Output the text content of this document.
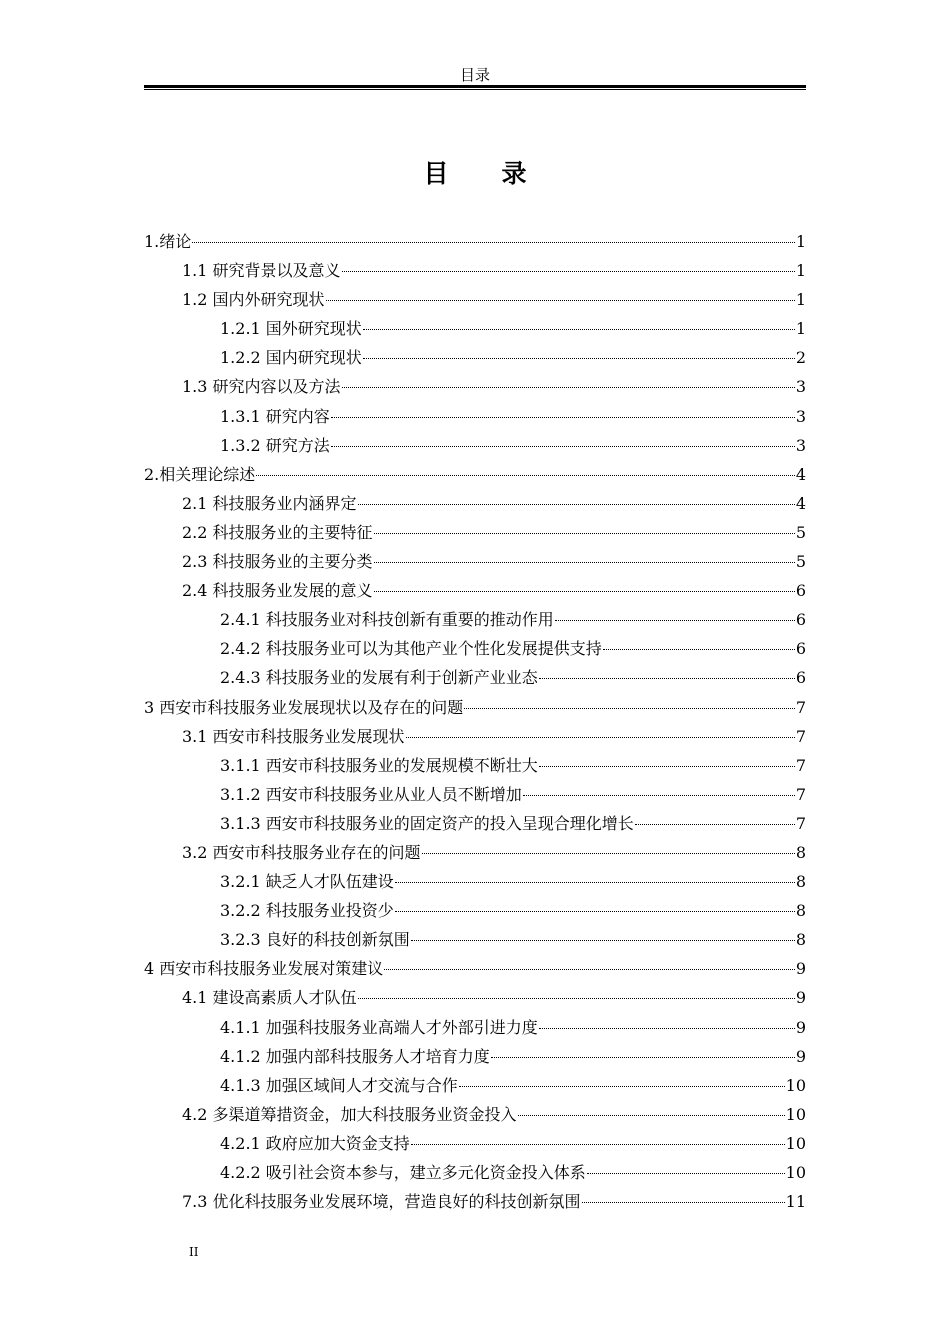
目录
目　录
1.绪论	1
1.1 研究背景以及意义	1
1.2 国内外研究现状	1
1.2.1 国外研究现状	1
1.2.2 国内研究现状	2
1.3 研究内容以及方法	3
1.3.1 研究内容	3
1.3.2 研究方法	3
2.相关理论综述	4
2.1 科技服务业内涵界定	4
2.2 科技服务业的主要特征	5
2.3 科技服务业的主要分类	5
2.4 科技服务业发展的意义	6
2.4.1 科技服务业对科技创新有重要的推动作用	6
2.4.2 科技服务业可以为其他产业个性化发展提供支持	6
2.4.3 科技服务业的发展有利于创新产业业态	6
3 西安市科技服务业发展现状以及存在的问题	7
3.1 西安市科技服务业发展现状	7
3.1.1 西安市科技服务业的发展规模不断壮大	7
3.1.2 西安市科技服务业从业人员不断增加	7
3.1.3 西安市科技服务业的固定资产的投入呈现合理化增长	7
3.2 西安市科技服务业存在的问题	8
3.2.1 缺乏人才队伍建设	8
3.2.2 科技服务业投资少	8
3.2.3 良好的科技创新氛围	8
4 西安市科技服务业发展对策建议	9
4.1 建设高素质人才队伍	9
4.1.1 加强科技服务业高端人才外部引进力度	9
4.1.2 加强内部科技服务人才培育力度	9
4.1.3 加强区域间人才交流与合作	10
4.2 多渠道筹措资金，加大科技服务业资金投入	10
4.2.1 政府应加大资金支持	10
4.2.2 吸引社会资本参与，建立多元化资金投入体系	10
7.3 优化科技服务业发展环境，营造良好的科技创新氛围	11
II
